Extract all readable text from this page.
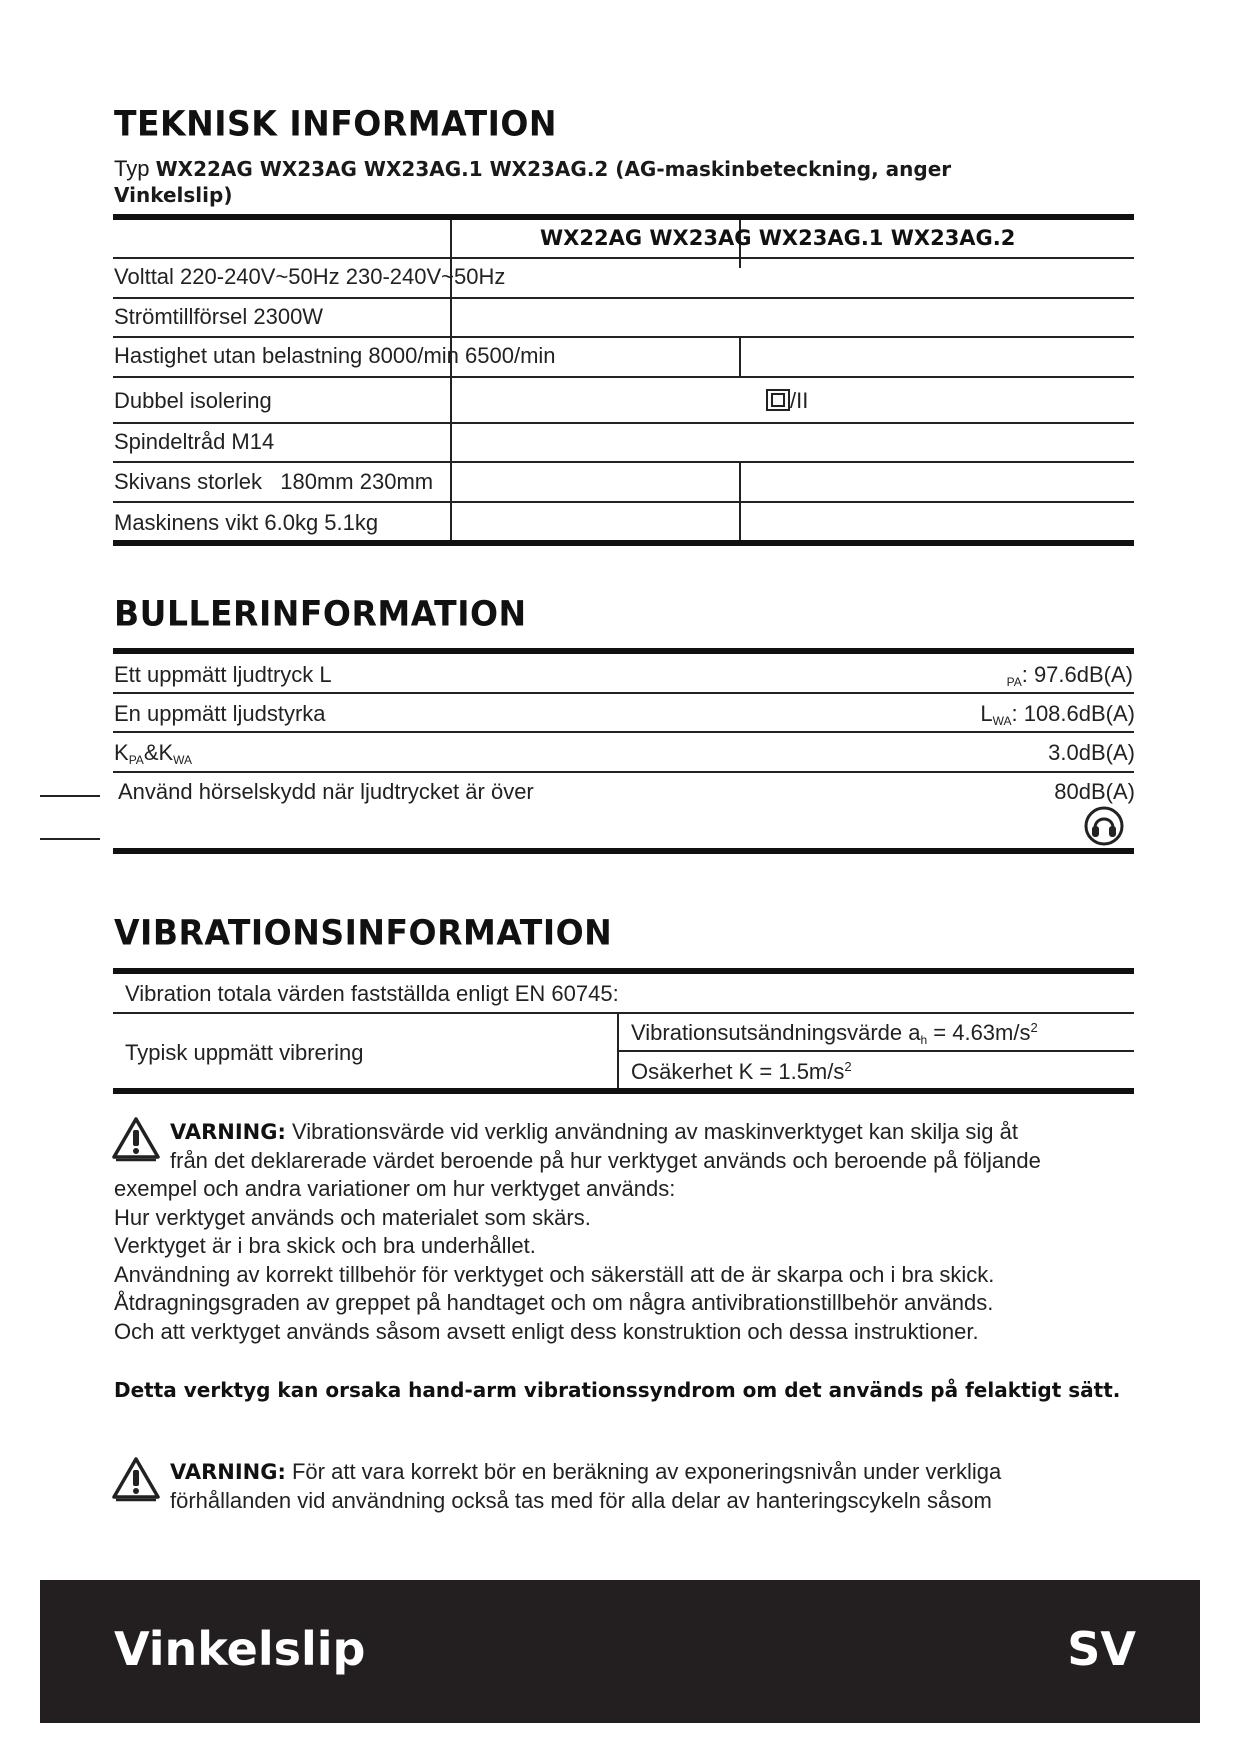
TEKNISK INFORMATION
Typ WX22AG WX23AG WX23AG.1 WX23AG.2 (AG-maskinbeteckning, anger Vinkelslip)
WX22AG WX23AG WX23AG.1 WX23AG.2
Volttal 220-240V~50Hz 230-240V~50Hz
Strömtillförsel 2300W
Hastighet utan belastning 8000/min 6500/min
Dubbel isolering	/II
Spindeltråd M14
Skivans storlek   180mm 230mm
Maskinens vikt 6.0kg 5.1kg
BULLERINFORMATION
Ett uppmätt ljudtryck L	$_{PA}$: 97.6dB(A)
En uppmätt ljudstyrka	$L_{WA}$: 108.6dB(A)
$K_{PA}\&K_{WA}$	3.0dB(A)
Använd hörselskydd när ljudtrycket är över	80dB(A)
VIBRATIONSINFORMATION
Vibration totala värden fastställda enligt EN 60745:
Typisk uppmätt vibrering
Vibrationsutsändningsvärde $a_h = 4.63m/s^2$
Osäkerhet $K = 1.5m/s^2$
VARNING: Vibrationsvärde vid verklig användning av maskinverktyget kan skilja sig åt
från det deklarerade värdet beroende på hur verktyget används och beroende på följande
exempel och andra variationer om hur verktyget används:
Hur verktyget används och materialet som skärs.
Verktyget är i bra skick och bra underhållet.
Användning av korrekt tillbehör för verktyget och säkerställ att de är skarpa och i bra skick.
Åtdragningsgraden av greppet på handtaget och om några antivibrationstillbehör används.
Och att verktyget används såsom avsett enligt dess konstruktion och dessa instruktioner.
Detta verktyg kan orsaka hand-arm vibrationssyndrom om det används på felaktigt sätt.
VARNING: För att vara korrekt bör en beräkning av exponeringsnivån under verkliga
förhållanden vid användning också tas med för alla delar av hanteringscykeln såsom
Vinkelslip	SV
